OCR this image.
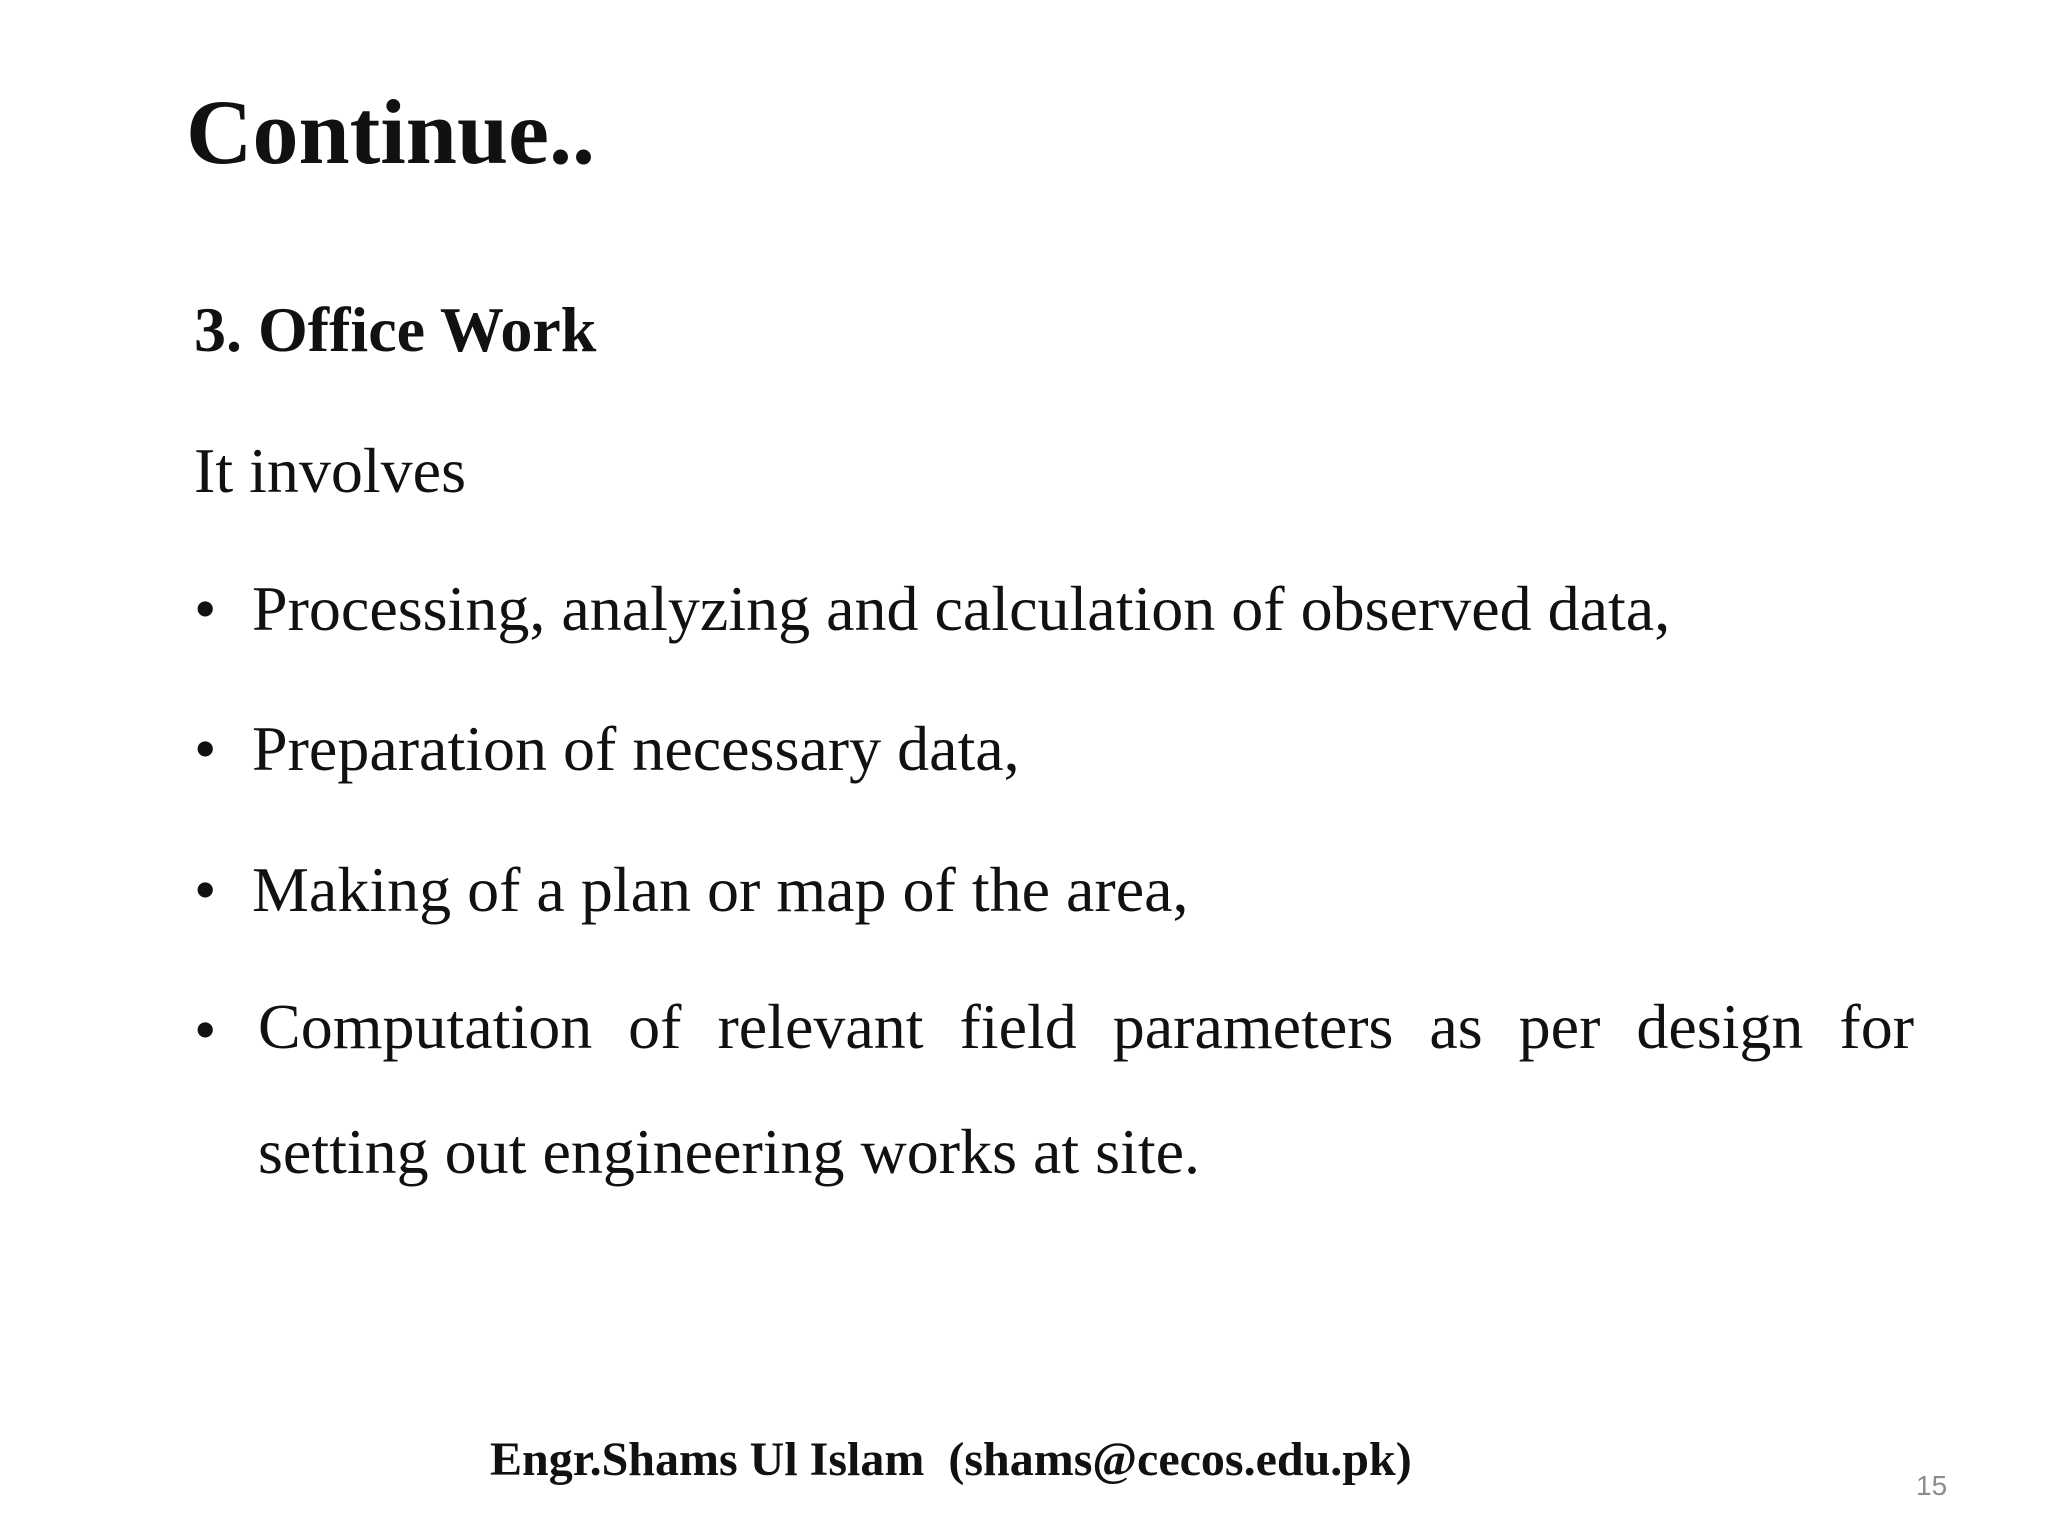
Continue..
3. Office Work

It involves

• Processing, analyzing and calculation of observed data,
• Preparation of necessary data,
• Making of a plan or map of the area,
• Computation of relevant field parameters as per design for setting out engineering works at site.

Engr.Shams Ul Islam  (shams@cecos.edu.pk)	15
